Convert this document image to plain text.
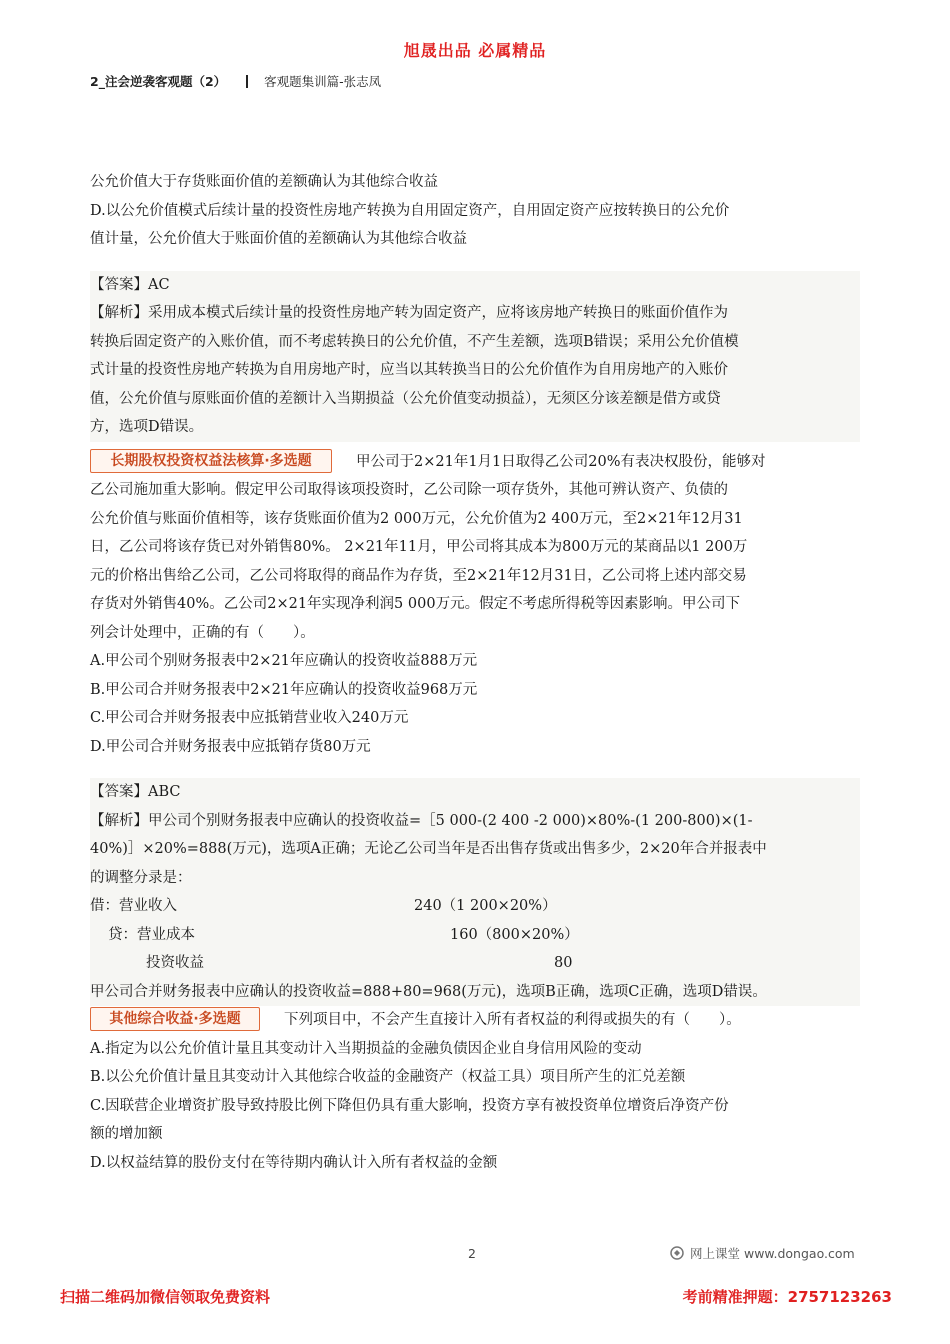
旭晟出品 必属精品
2_注会逆袭客观题（2）	客观题集训篇-张志凤

公允价值大于存货账面价值的差额确认为其他综合收益

D.以公允价值模式后续计量的投资性房地产转换为自用固定资产，自用固定资产应按转换日的公允价

值计量，公允价值大于账面价值的差额确认为其他综合收益

【答案】AC

【解析】采用成本模式后续计量的投资性房地产转为固定资产，应将该房地产转换日的账面价值作为

转换后固定资产的入账价值，而不考虑转换日的公允价值，不产生差额，选项B错误；采用公允价值模

式计量的投资性房地产转换为自用房地产时，应当以其转换当日的公允价值作为自用房地产的入账价

值，公允价值与原账面价值的差额计入当期损益（公允价值变动损益），无须区分该差额是借方或贷

方，选项D错误。

长期股权投资权益法核算·多选题	甲公司于2×21年1月1日取得乙公司20%有表决权股份，能够对

乙公司施加重大影响。假定甲公司取得该项投资时，乙公司除一项存货外，其他可辨认资产、负债的

公允价值与账面价值相等，该存货账面价值为2 000万元，公允价值为2 400万元，至2×21年12月31

日，乙公司将该存货已对外销售80%。 2×21年11月，甲公司将其成本为800万元的某商品以1 200万

元的价格出售给乙公司，乙公司将取得的商品作为存货，至2×21年12月31日，乙公司将上述内部交易

存货对外销售40%。乙公司2×21年实现净利润5 000万元。假定不考虑所得税等因素影响。甲公司下

列会计处理中，正确的有（　　）。

A.甲公司个别财务报表中2×21年应确认的投资收益888万元

B.甲公司合并财务报表中2×21年应确认的投资收益968万元

C.甲公司合并财务报表中应抵销营业收入240万元

D.甲公司合并财务报表中应抵销存货80万元

【答案】ABC

【解析】甲公司个别财务报表中应确认的投资收益=［5 000-(2 400 -2 000)×80%-(1 200-800)×(1-

40%)］×20%=888(万元)，选项A正确；无论乙公司当年是否出售存货或出售多少，2×20年合并报表中

的调整分录是：

借：营业收入

	240（1 200×20%）

贷：营业成本

	160（800×20%）

投资收益

	80

甲公司合并财务报表中应确认的投资收益=888+80=968(万元)，选项B正确，选项C正确，选项D错误。

其他综合收益·多选题	下列项目中，不会产生直接计入所有者权益的利得或损失的有（　　）。

A.指定为以公允价值计量且其变动计入当期损益的金融负债因企业自身信用风险的变动

B.以公允价值计量且其变动计入其他综合收益的金融资产（权益工具）项目所产生的汇兑差额

C.因联营企业增资扩股导致持股比例下降但仍具有重大影响，投资方享有被投资单位增资后净资产份

额的增加额

D.以权益结算的股份支付在等待期内确认计入所有者权益的金额

2	网上课堂 www.dongao.com
扫描二维码加微信领取免费资料	考前精准押题：2757123263
